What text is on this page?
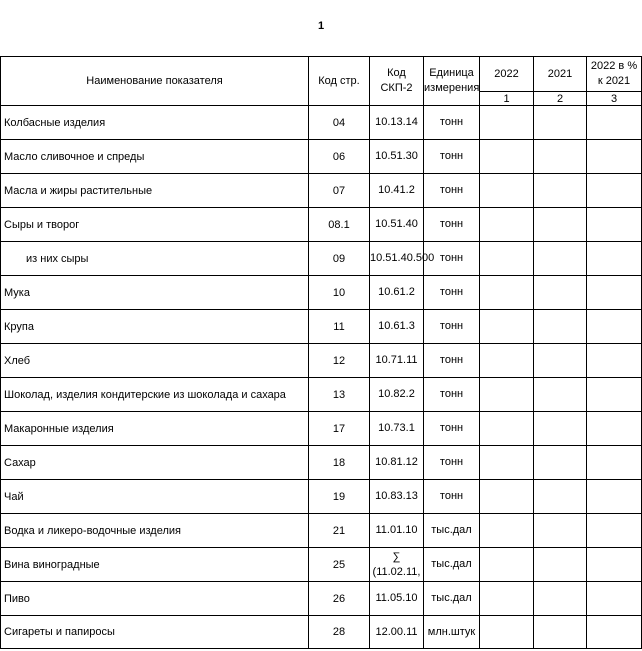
1
Наименование показателя	Код стр.	Код СКП-2	Единица измерения	2022	2021	2022 в % к 2021
				1	2	3
Колбасные изделия	04	10.13.14	тонн			
Масло сливочное и спреды	06	10.51.30	тонн			
Масла и жиры растительные	07	10.41.2	тонн			
Сыры и творог	08.1	10.51.40	тонн			
из них сыры	09	10.51.40.500	тонн			
Мука	10	10.61.2	тонн			
Крупа	11	10.61.3	тонн			
Хлеб	12	10.71.11	тонн			
Шоколад, изделия кондитерские из шоколада и сахара	13	10.82.2	тонн			
Макаронные изделия	17	10.73.1	тонн			
Сахар	18	10.81.12	тонн			
Чай	19	10.83.13	тонн			
Водка и ликеро-водочные изделия	21	11.01.10	тыс.дал			
Вина виноградные	25	∑ (11.02.11,	тыс.дал			
Пиво	26	11.05.10	тыс.дал			
Сигареты и папиросы	28	12.00.11	млн.штук			
